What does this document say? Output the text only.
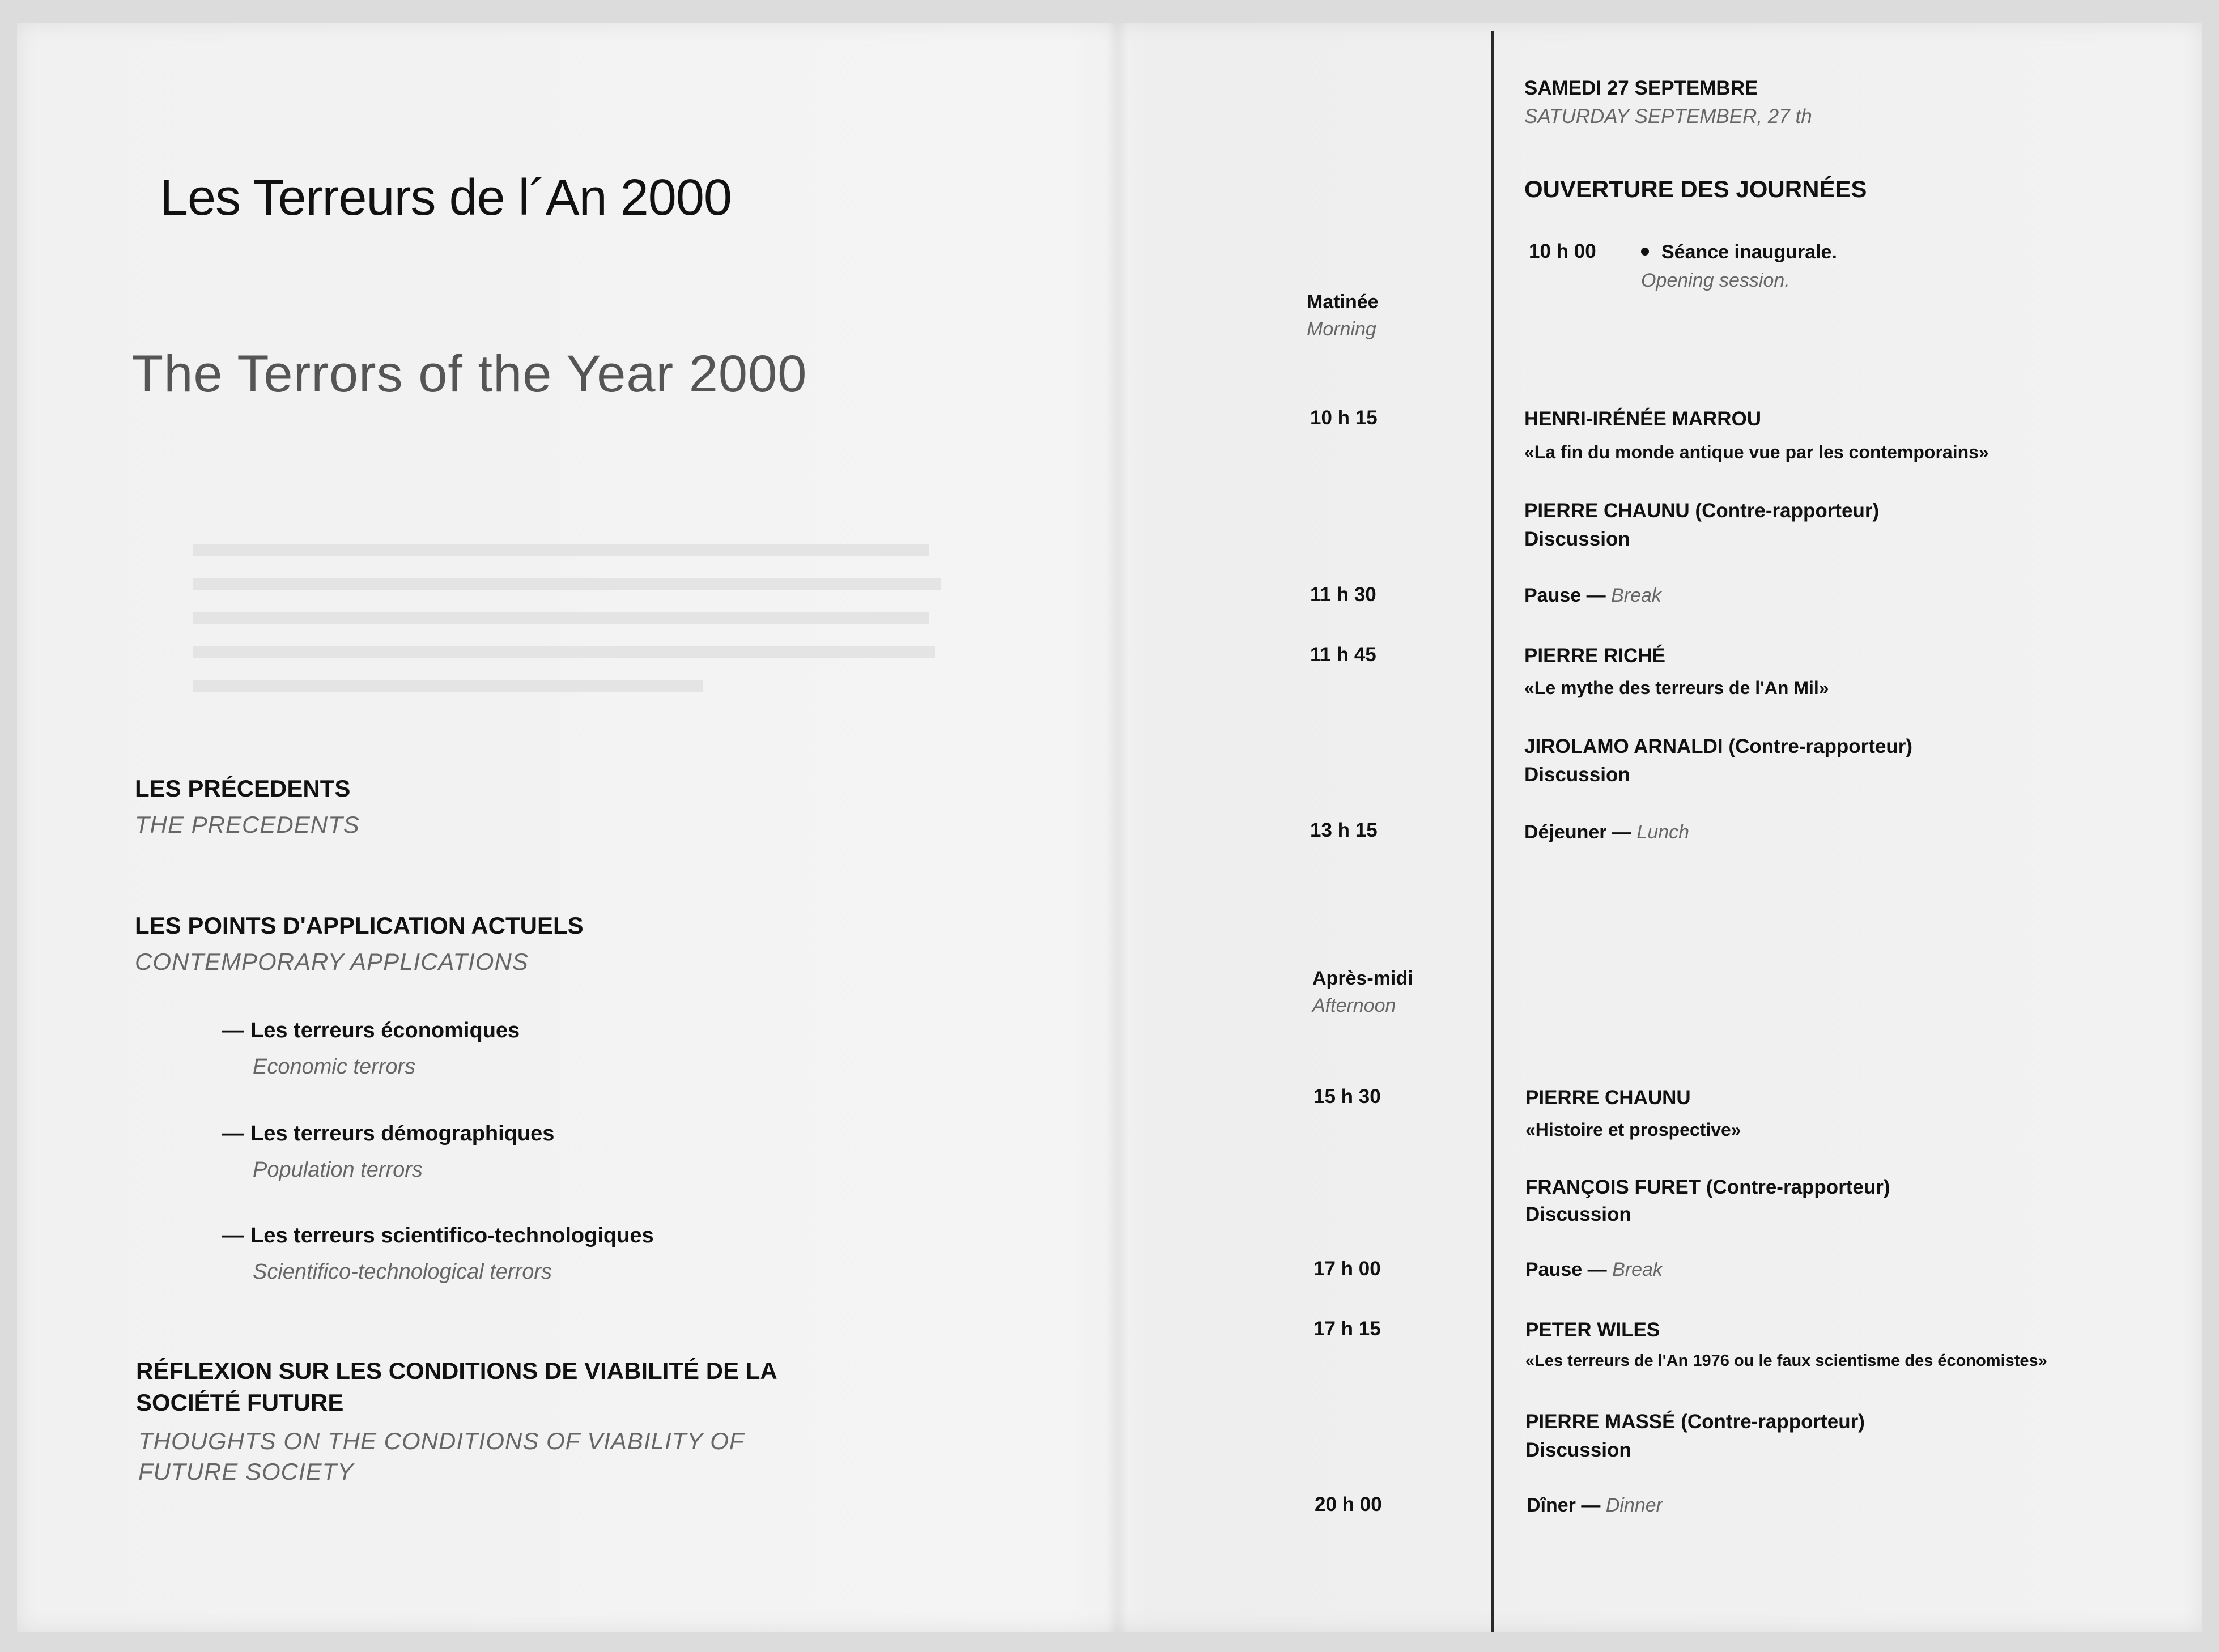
Les Terreurs de l´An 2000
The Terrors of the Year 2000
LES PRÉCEDENTS
THE PRECEDENTS
LES POINTS D'APPLICATION ACTUELS
CONTEMPORARY APPLICATIONS
— Les terreurs économiques
Economic terrors
— Les terreurs démographiques
Population terrors
— Les terreurs scientifico-technologiques
Scientifico-technological terrors
RÉFLEXION SUR LES CONDITIONS DE VIABILITÉ DE LA
SOCIÉTÉ FUTURE
THOUGHTS ON THE CONDITIONS OF VIABILITY OF
FUTURE SOCIETY
SAMEDI 27 SEPTEMBRE
SATURDAY SEPTEMBER, 27 th
OUVERTURE DES JOURNÉES
10 h 00	Séance inaugurale.
Opening session.
Matinée
Morning
10 h 15	HENRI-IRÉNÉE MARROU
«La fin du monde antique vue par les contemporains»
PIERRE CHAUNU (Contre-rapporteur)
Discussion
11 h 30	Pause — Break
11 h 45	PIERRE RICHÉ
«Le mythe des terreurs de l'An Mil»
JIROLAMO ARNALDI (Contre-rapporteur)
Discussion
13 h 15	Déjeuner — Lunch
Après-midi
Afternoon
15 h 30	PIERRE CHAUNU
«Histoire et prospective»
FRANÇOIS FURET (Contre-rapporteur)
Discussion
17 h 00	Pause — Break
17 h 15	PETER WILES
«Les terreurs de l'An 1976 ou le faux scientisme des économistes»
PIERRE MASSÉ (Contre-rapporteur)
Discussion
20 h 00	Dîner — Dinner
